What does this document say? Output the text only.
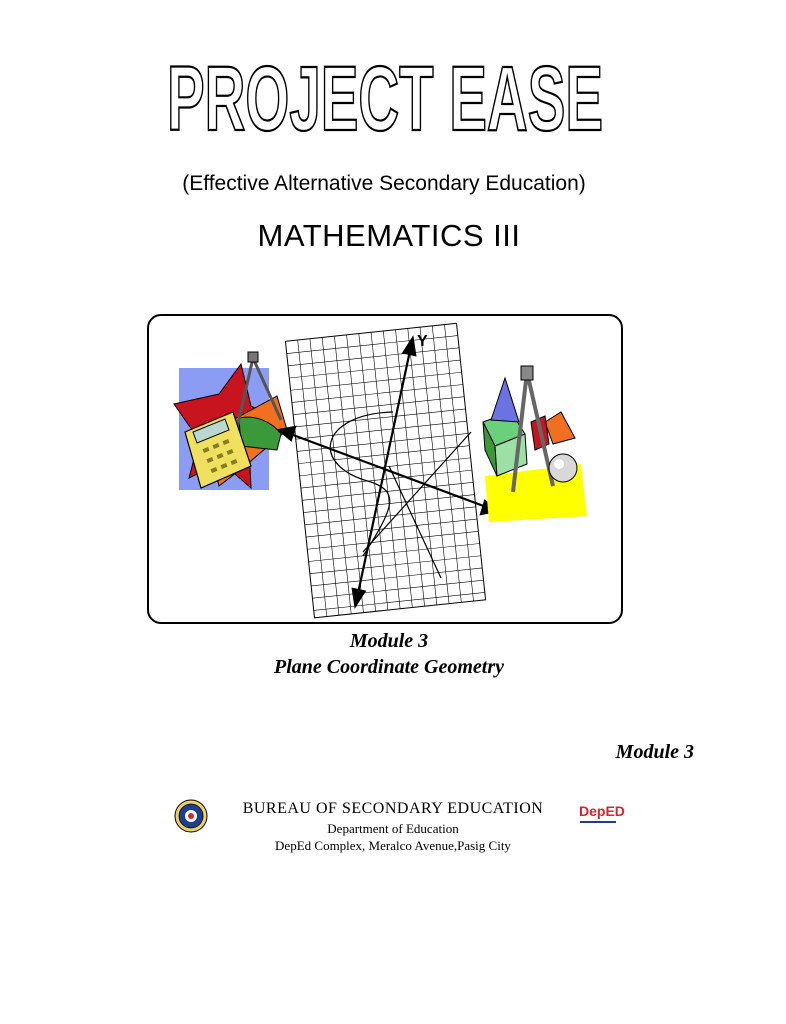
PROJECT EASE
(Effective Alternative Secondary Education)
MATHEMATICS III
Y
Module 3
Plane Coordinate Geometry
Module 3
BUREAU OF SECONDARY EDUCATION
Department of Education
DepEd Complex, Meralco Avenue,Pasig City
DepED
